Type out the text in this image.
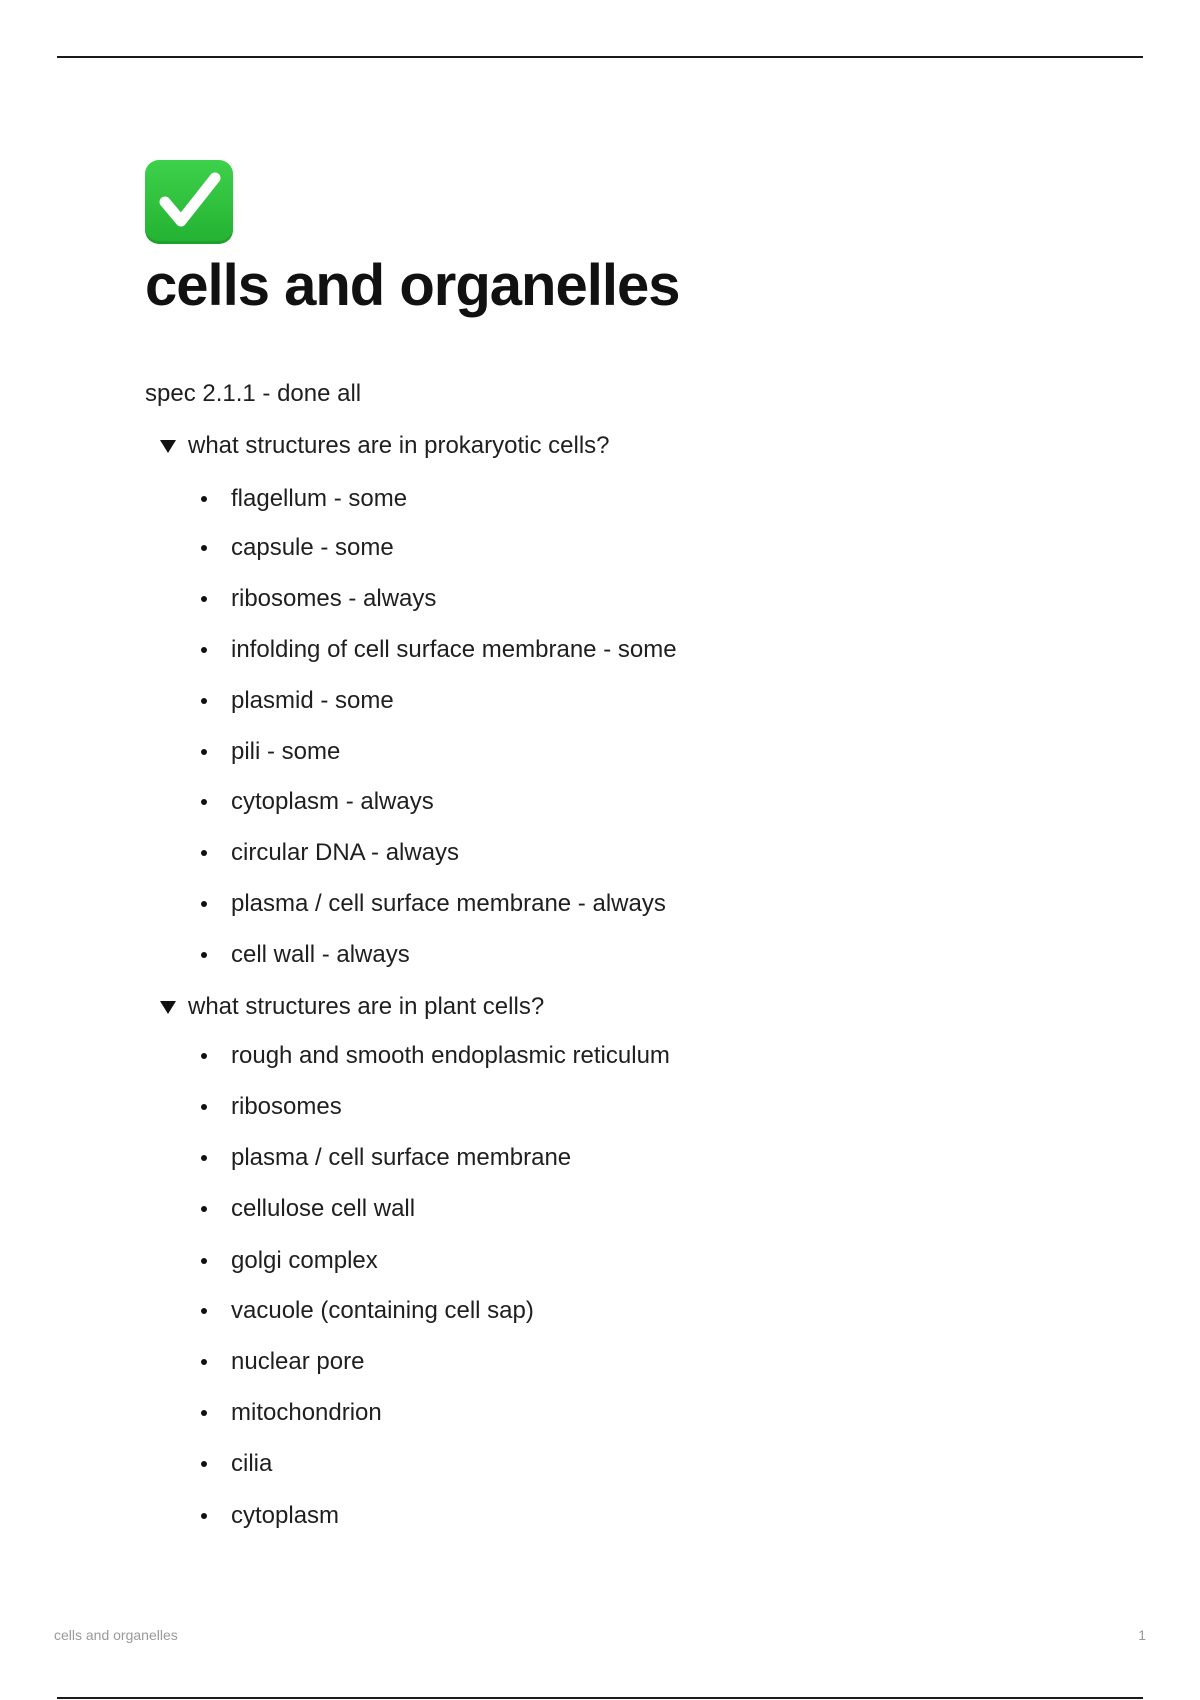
cells and organelles
spec 2.1.1 - done all
what structures are in prokaryotic cells?
flagellum - some
capsule - some
ribosomes - always
infolding of cell surface membrane - some
plasmid - some
pili - some
cytoplasm - always
circular DNA - always
plasma / cell surface membrane - always
cell wall - always
what structures are in plant cells?
rough and smooth endoplasmic reticulum
ribosomes
plasma / cell surface membrane
cellulose cell wall
golgi complex
vacuole (containing cell sap)
nuclear pore
mitochondrion
cilia
cytoplasm
cells and organelles	1
